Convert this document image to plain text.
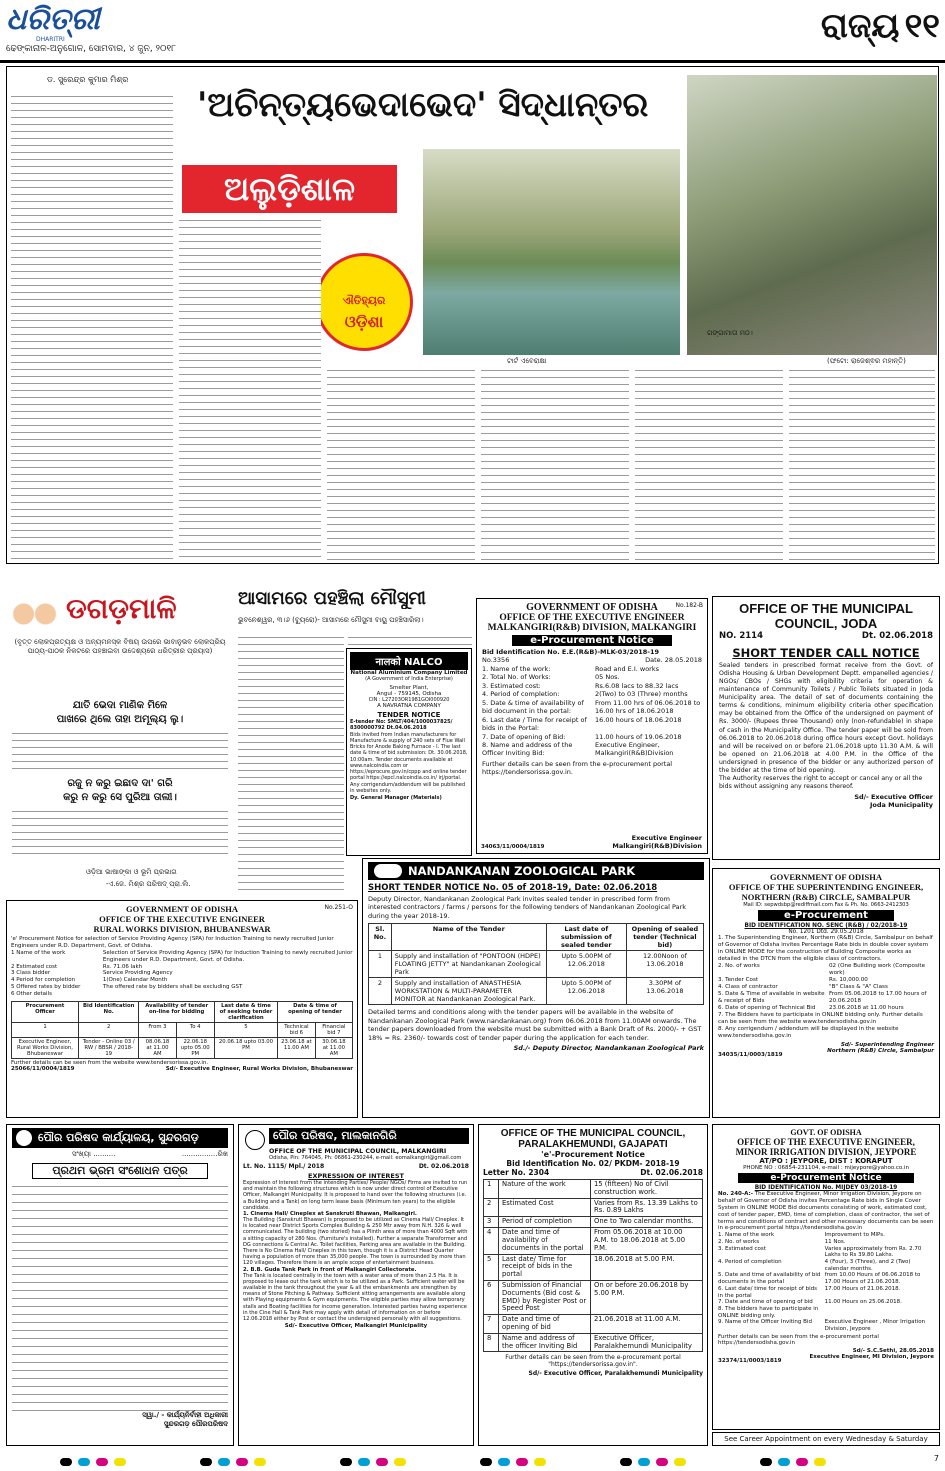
ଧରିତ୍ରୀ
DHARITRI
ଢେଙ୍କାନାଳ-ଅନୁଗୋଳ, ସୋମବାର, ୪ ଜୁନ, ୨୦୧୮
ରାଜ୍ୟ ୧୧
ଡ. ସୁରେନ୍ଦ୍ର କୁମାର ମିଶ୍ର
'ଅଚିନ୍ତ୍ୟଭେଦାଭେଦ' ସିଦ୍ଧାନ୍ତର
ଅଲୁଡ଼ିଶାଳ
ଐତିହ୍ୟର
ଓଡ଼ିଶା
ଟାର୍ଟ ଏବେରାକ୍ଷା
ଗଙ୍ଗାମାତା ମଠ।
(ଫଟୋ: ରାଜେଶ୍ଵର ମହାନ୍ତି)
ଡଗଡ଼ମାଳି
(ବୃତ୍ତ ଲୋକପ୍ରତ୍ୟକ୍ଷ ଓ ଅନ୍ୟମନସ୍କ ବିଷୟ ଉପରେ ଭାବାନୁଭବ ଲୋକପ୍ରିୟ ପାଠ୍ୟ-ପାଠକ ନିକଟରେ ପହଞ୍ଚାଇବା ଉଦ୍ଦେଶ୍ୟରେ ଧରିତ୍ରୀର ପ୍ରୟାସ)
ଯାତି ଭେଦା ମାଣିକ ମିଳେ
ପାଖରେ ଥିଲେ ତାହା ଅମୂଲ୍ୟ ଲୁ।
ରଜୁ ନ କରୁ ଇଛାଦ ଦା' ଗରି
କରୁ ନ କରୁ ସେ ପୁରିଆ ତାଲୀ।
ଓଡ଼ିଆ ଭାଷାଙ୍କା ଓ ଭୂମି ପ୍ରଭାଗ
-ଏ.ଜେ. ମିଶ୍ର ପରିଷଦ୍‌ ପ୍ରା.ଲି.
ଆସାମରେ ପହଞ୍ଚିଲା ମୌସୁମୀ
ଭୁବନେଶ୍ୱର, ୩।୬ (ବ୍ୟୁରୋ)- ଆସାମରେ ମୌସୁମୀ ବାୟୁ ପହଞ୍ଚିସାରିଲା।
नालको NALCO
National Aluminium Company Limited
(A Government of India Enterprise)
Smelter Plant,
Angul - 759145, Odisha
CIN : L27203OR1981GOI000920
A NAVRATNA COMPANY
TENDER NOTICE
E-tender No: SMLT/404/1000037825/ 8300000792 Dt.04.06.2018
Bids invited from Indian manufacturers for Manufacture & supply of 240 sets of Flue Wall Bricks for Anode Baking Furnace - I. The last date & time of bid submission: Dt. 30.06.2018, 10:00am. Tender documents available at www.nalcoindia.com or https://eprocure.gov.in/cppp and online tender portal https://epcl.nalcoindia.co.in/ irj/portal. Any corrigendum/addendum will be published in websites only.
Dy. General Manager (Materials)
GOVERNMENT OF ODISHA	No.182-B
OFFICE OF THE EXECUTIVE ENGINEER
MALKANGIRI(R&B) DIVISION, MALKANGIRI
e-Procurement Notice
Bid Identification No. E.E.(R&B)-MLK-03/2018-19
No.3356	Date. 28.05.2018
1. Name of the work:	Road and E.I. works
2. Total No. of Works:	05 Nos.
3. Estimated cost:	Rs.6.08 lacs to 88.32 lacs
4. Period of completion:	2(Two) to 03 (Three) months
5. Date & time of availability of bid document in the portal:
From 11.00 hrs of 06.06.2018 to 16.00 hrs of 18.06.2018
6. Last date / Time for receipt of bids in the Portal:
16.00 hours of 18.06.2018
7. Date of opening of Bid:	11.00 hours of 19.06.2018
8. Name and address of the Officer Inviting Bid:
Executive Engineer, Malkangiri(R&B)Division
Further details can be seen from the e-procurement portal https://tendersorissa.gov.in.
34063/11/0004/1819
Executive Engineer
Malkangiri(R&B)Division
OFFICE OF THE MUNICIPAL
COUNCIL, JODA
NO. 2114	Dt. 02.06.2018
SHORT TENDER CALL NOTICE
Sealed tenders in prescribed format receive from the Govt. of Odisha Housing & Urban Development Deptt. empanelled agencies / NGOs/ CBOs / SHGs with eligibility criteria for operation & maintenance of Community Toilets / Public Toilets situated in Joda Municipality area. The detail of set of documents containing the terms & conditions, minimum eligibility criteria other specification may be obtained from the Office of the undersigned on payment of Rs. 3000/- (Rupees three Thousand) only (non-refundable) in shape of cash in the Municipality Office. The tender paper will be sold from 06.06.2018 to 20.06.2018 during office hours except Govt. holidays and will be received on or before 21.06.2018 upto 11.30 A.M. & will be opened on 21.06.2018 at 4.00 P.M. in the Office of the undersigned in presence of the bidder or any authorized person of the bidder at the time of bid opening.
The Authority reserves the right to accept or cancel any or all the bids without assigning any reasons thereof.
Sd/- Executive Officer
Joda Municipality
NANDANKANAN ZOOLOGICAL PARK
SHORT TENDER NOTICE No. 05 of 2018-19, Date: 02.06.2018
Deputy Director, Nandankanan Zoological Park invites sealed tender in prescribed form from interested contractors / farms / persons for the following tenders of Nandankanan Zoological Park during the year 2018-19.
Sl. No.	Name of the Tender	Last date of submission of sealed tender	Opening of sealed tender (Technical bid)
1	Supply and installation of "PONTOON (HDPE) FLOATING JETTY" at Nandankanan Zoological Park	Upto 5.00PM of 12.06.2018	12.00Noon of 13.06.2018
2	Supply and installation of ANASTHESIA WORKSTATION & MULTI-PARAMETER MONITOR at Nandankanan Zoological Park.	Upto 5.00PM of 12.06.2018	3.30PM of 13.06.2018
Detailed terms and conditions along with the tender papers will be available in the website of Nandankanan Zoological Park (www.nandankanan.org) from 06.06.2018 from 11.00AM onwards. The tender papers downloaded from the website must be submitted with a Bank Draft of Rs. 2000/- + GST 18% = Rs. 2360/- towards cost of tender paper during the application for each tender.
Sd./- Deputy Director, Nandankanan Zoological Park
GOVERNMENT OF ODISHA	No.251-O
OFFICE OF THE EXECUTIVE ENGINEER
RURAL WORKS DIVISION, BHUBANESWAR
'e' Procurement Notice for selection of Service Providing Agency (SPA) for Induction Training to newly recruited Junior Engineers under R.D. Department, Govt. of Odisha.
1 Name of the work	Selection of Service Providing Agency (SPA) for Induction Training to newly recruited Junior Engineers under R.D. Department, Govt. of Odisha.
2 Estimated cost	Rs. 71.06 lakh
3 Class bidder	Service Providing Agency
4 Period for completion	1(One) Calendar Month
5 Offered rates by bidder	The offered rate by bidders shall be excluding GST
6 Other details
Procurement Officer	Bid Identification No.	Availability of tender on-line for bidding		Last date & time of seeking tender clarification	Date & time of opening of tender	
1	2	From 3	To 4	5	Technical bid 6	Financial bid 7
Executive Engineer, Rural Works Division, Bhubaneswar	Tender - Online 03 / RW / BBSR / 2018-19	08.06.18 at 11.00 AM	22.06.18 upto 05.00 PM	20.06.18 upto 03.00 PM	23.06.18 at 11.00 AM	30.06.18 at 11.00 AM
Further details can be seen from the website www.tendersorissa.gov.in.
25066/11/0004/1819	Sd/- Executive Engineer, Rural Works Division, Bhubaneswar
GOVERNMENT OF ODISHA
OFFICE OF THE SUPERINTENDING ENGINEER,
NORTHERN (R&B) CIRCLE, SAMBALPUR
Mail ID: sepwdsbp@rediffmail.com Fax & Ph. No. 0663-2412303
e-Procurement
BID IDENTIFICATION NO. SENC (R&B) / 02/2018-19
No. 1201 Dtd. 29.05.2018
1. The Superintending Engineer, Northern (R&B) Circle, Sambalpur on behalf of Governor of Odisha invites Percentage Rate bids in double cover system in ONLINE MODE for the construction of Building Composite works as detailed in the DTCN from the eligible class of contractors.
2. No. of works	02 (One Building work (Composite work)
3. Tender Cost	Rs. 10,000.00
4. Class of contractor	"B" Class & "A" Class
5. Date & Time of available in website & receipt of Bids
From 05.06.2018 to 17.00 hours of 20.06.2018
6. Date of opening of Technical Bid	23.06.2018 at 11.00 hours
7. The Bidders have to participate in ONLINE bidding only. Further details can be seen from the website www.tendersodisha.gov.in
8. Any corrigendum / addendum will be displayed in the website www.tendersodisha.gov.in
34035/11/0003/1819
Sd/- Superintending Engineer
Northern (R&B) Circle, Sambalpur
ପୌର ପରିଷଦ କାର୍ଯ୍ୟାଳୟ, ସୁନ୍ଦରଗଡ଼
ସଂଖ୍ୟା ..........	................ରିଖ
ପ୍ରଥମ ଭ୍ରମ ସଂଶୋଧନ ପତ୍ର
ସ୍ୱା./ - କାର୍ଯ୍ୟନିର୍ବାହୀ ଅଧିକାରୀ
ସୁନ୍ଦରଗଡ଼ ପୌରପରିଷଦ
ପୌର ପରିଷଦ, ମାଲକାନଗିରି
OFFICE OF THE MUNICIPAL COUNCIL, MALKANGIRI
Odisha, Pin: 764045, Ph: 06861-230244, e-mail: eomalkangiri@gmail.com
Lt. No. 1115/ Mpl./ 2018	Dt. 02.06.2018
EXPRESSION OF INTEREST
Expression of Interest from the intending Parties/ People/ NGOs/ Firms are invited to run and maintain the following structures which is now under direct control of Executive Officer, Malkangiri Municipality. It is proposed to hand over the following structures (i.e. a Building and a Tank) on long term lease basis (Minimum ten years) to the eligible candidate.
1. Cinema Hall/ Cineplex at Sanskruti Bhawan, Malkangiri.
The Building (Sanskruti Bhawan) is proposed to be utilized as Cinema Hall/ Cineplex. It is located near District Sports Complex Building & 250 Mtr away from N.H. 326 & well communicated. The building (two storied) has a Plinth area of more than 4000 Sqft with a sitting capacity of 280 Nos. (Furniture's installed). Further a separate Transformer and DG connections & Central Ac. Toilet facilities, Parking area are available in the Building. There is No Cinema Hall/ Cineplex in this town, though it is a District Head Quarter having a population of more than 35,000 people. The town is surrounded by more than 120 villages. Therefore there is an ample scope of entertainment business.
2. B.B. Guda Tank Park in front of Malkangiri Collectorate.
The Tank is located centrally in the town with a water area of more than 2.5 Ha. It is proposed to lease out the tank which is to be utilized as a Park. Sufficient water will be available in the tank throughout the year & all the embankments are strengthen by means of Stone Pitching & Pathway. Sufficient sitting arrangements are available along with Playing equipments & Gym equipments. The eligible parties may allow temporary stalls and Boating facilities for income generation. Interested parties having experience in the Cine Hall & Tank Park may apply with detail of information on or before 12.06.2018 either by Post or contact the undersigned personally with all suggestions.
Sd/- Executive Officer, Malkangiri Municipality
OFFICE OF THE MUNICIPAL COUNCIL,
PARALAKHEMUNDI, GAJAPATI
'e'-Procurement Notice
Bid Identification No. 02/ PKDM- 2018-19
Letter No. 2304	Dt. 02.06.2018
1	Nature of the work	15 (fifteen) No of Civil construction work.
2	Estimated Cost	Varies from Rs. 13.39 Lakhs to Rs. 0.89 Lakhs
3	Period of completion	One to Two calendar months.
4	Date and time of availability of documents in the portal	From 05.06.2018 at 10.00 A.M. to 18.06.2018 at 5.00 P.M.
5	Last date/ Time for receipt of bids in the portal	18.06.2018 at 5.00 P.M.
6	Submission of Financial Documents (Bid cost & EMD) by Register Post or Speed Post	On or before 20.06.2018 by 5.00 P.M.
7	Date and time of opening of bid	21.06.2018 at 11.00 A.M.
8	Name and address of the officer Inviting Bid	Executive Officer, Paralakhemundi Municipality
Further details can be seen from the e-procurement portal "https://tendersorissa.gov.in".
Sd/- Executive Officer, Paralakhemundi Municipality
GOVT. OF ODISHA
OFFICE OF THE EXECUTIVE ENGINEER,
MINOR IRRIGATION DIVISION, JEYPORE
AT/PO : JEYPORE, DIST : KORAPUT
PHONE NO : 06854-231104, e-mail : mijeypore@yahoo.co.in
e-Procurement Notice
BID IDENTIFICATION No. MIJDEY 03/2018-19
No. 240-A:- The Executive Engineer, Minor Irrigation Division, Jeypore on behalf of Governor of Odisha invites Percentage Rate bids in Single Cover System in ONLINE MODE Bid documents consisting of work, estimated cost, cost of tender paper, EMD, time of completion, class of contractor, the set of terms and conditions of contract and other necessary documents can be seen in e-procurement portal https://tendersodisha.gov.in
1. Name of the work	Improvement to MIPs.
2. No. of works	11 Nos.
3. Estimated cost	Varies approximately from Rs. 2.70 Lakhs to Rs 39.80 Lakhs.
4. Period of completion	4 (Four), 3 (Three), and 2 (Two) calendar months.
5. Date and time of availability of bid documents in the portal
from 10.00 Hours of 06.06.2018 to 17.00 Hours of 21.06.2018.
6. Last date/ time for receipt of bids in the portal
17.00 Hours of 21.06.2018.
7. Date and time of opening of bid	11.00 Hours on 25.06.2018.
8. The bidders have to participate in ONLINE bidding only.
9. Name of the Officer Inviting Bid	Executive Engineer , Minor Irrigation Division, Jeypore
Further details can be seen from the e-procurement portal https://tendersodisha.gov.in
32374/11/0003/1819
Sd/- S.C.Sethi, 28.05.2018
Executive Engineer, MI Division, Jeypore
See Career Appointment on every Wednesday & Saturday
7
